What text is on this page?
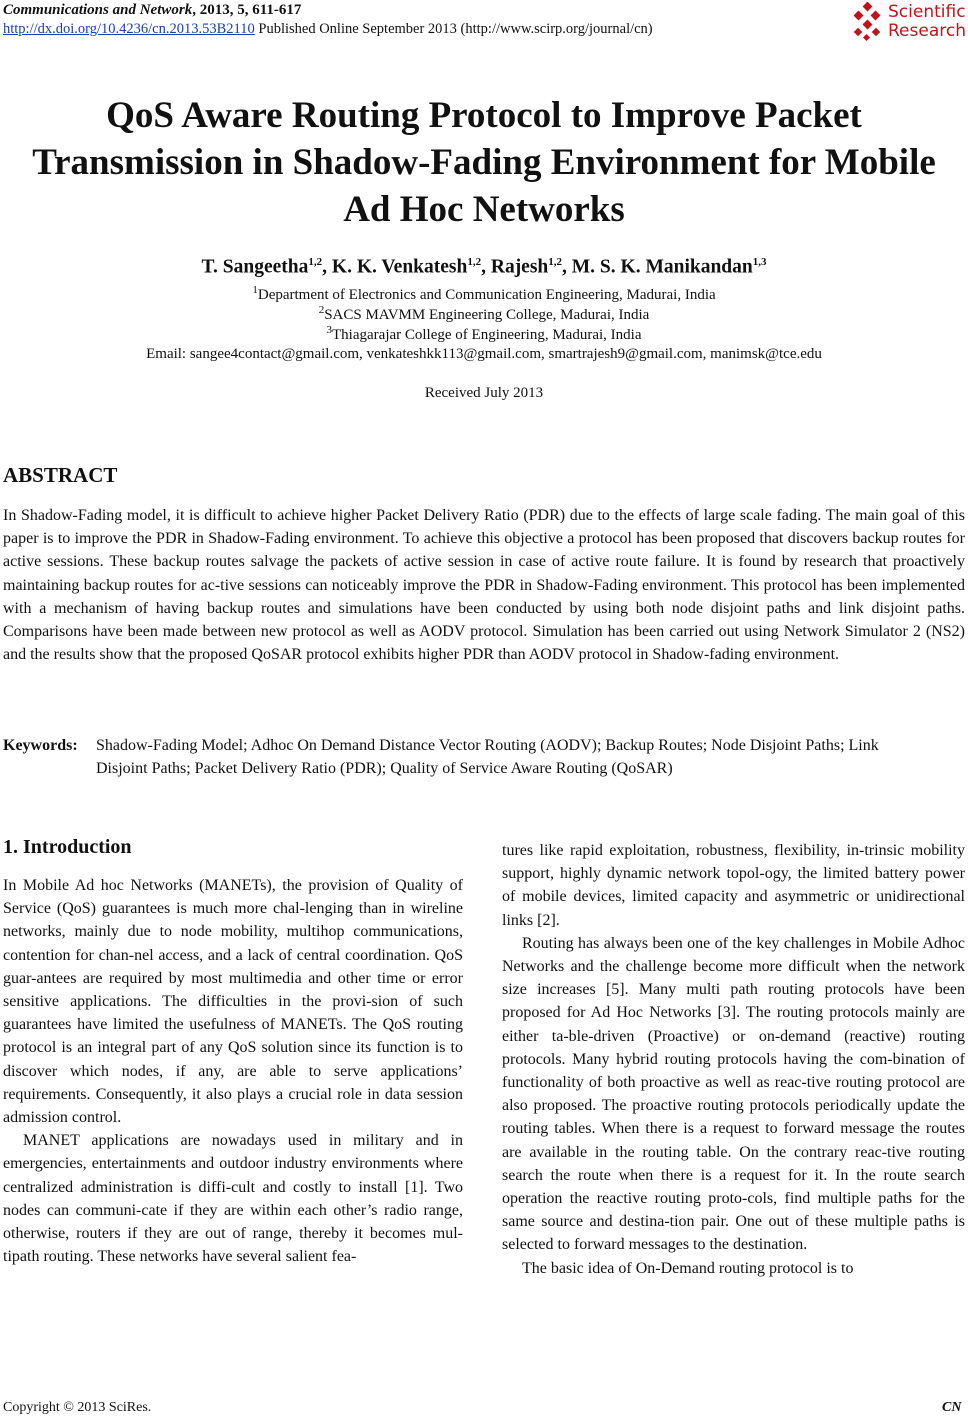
Communications and Network, 2013, 5, 611-617
http://dx.doi.org/10.4236/cn.2013.53B2110 Published Online September 2013 (http://www.scirp.org/journal/cn)
Scientific
Research
QoS Aware Routing Protocol to Improve Packet
Transmission in Shadow-Fading Environment for Mobile
Ad Hoc Networks
T. Sangeetha$^{1,2}$, K. K. Venkatesh$^{1,2}$, Rajesh$^{1,2}$, M. S. K. Manikandan$^{1,3}$
$^1$Department of Electronics and Communication Engineering, Madurai, India
$^2$SACS MAVMM Engineering College, Madurai, India
$^3$Thiagarajar College of Engineering, Madurai, India
Email: sangee4contact@gmail.com, venkateshkk113@gmail.com, smartrajesh9@gmail.com, manimsk@tce.edu
Received July 2013
ABSTRACT

In Shadow-Fading model, it is difficult to achieve higher Packet Delivery Ratio (PDR) due to the effects of large scale fading. The main goal of this paper is to improve the PDR in Shadow-Fading environment. To achieve this objective a protocol has been proposed that discovers backup routes for active sessions. These backup routes salvage the packets of active session in case of active route failure. It is found by research that proactively maintaining backup routes for ac-tive sessions can noticeably improve the PDR in Shadow-Fading environment. This protocol has been implemented with a mechanism of having backup routes and simulations have been conducted by using both node disjoint paths and link disjoint paths. Comparisons have been made between new protocol as well as AODV protocol. Simulation has been carried out using Network Simulator 2 (NS2) and the results show that the proposed QoSAR protocol exhibits higher PDR than AODV protocol in Shadow-fading environment.

Keywords: Shadow-Fading Model; Adhoc On Demand Distance Vector Routing (AODV); Backup Routes; Node Disjoint Paths; Link Disjoint Paths; Packet Delivery Ratio (PDR); Quality of Service Aware Routing (QoSAR)
1. Introduction

In Mobile Ad hoc Networks (MANETs), the provision of Quality of Service (QoS) guarantees is much more chal-lenging than in wireline networks, mainly due to node mobility, multihop communications, contention for chan-nel access, and a lack of central coordination. QoS guar-antees are required by most multimedia and other time or error sensitive applications. The difficulties in the provi-sion of such guarantees have limited the usefulness of MANETs. The QoS routing protocol is an integral part of any QoS solution since its function is to discover which nodes, if any, are able to serve applications’ requirements. Consequently, it also plays a crucial role in data session admission control.

MANET applications are nowadays used in military and in emergencies, entertainments and outdoor industry environments where centralized administration is diffi-cult and costly to install [1]. Two nodes can communi-cate if they are within each other’s radio range, otherwise, routers if they are out of range, thereby it becomes mul-tipath routing. These networks have several salient fea-

tures like rapid exploitation, robustness, flexibility, in-trinsic mobility support, highly dynamic network topol-ogy, the limited battery power of mobile devices, limited capacity and asymmetric or unidirectional links [2].

Routing has always been one of the key challenges in Mobile Adhoc Networks and the challenge become more difficult when the network size increases [5]. Many multi path routing protocols have been proposed for Ad Hoc Networks [3]. The routing protocols mainly are either ta-ble-driven (Proactive) or on-demand (reactive) routing protocols. Many hybrid routing protocols having the com-bination of functionality of both proactive as well as reac-tive routing protocol are also proposed. The proactive routing protocols periodically update the routing tables. When there is a request to forward message the routes are available in the routing table. On the contrary reac-tive routing search the route when there is a request for it. In the route search operation the reactive routing proto-cols, find multiple paths for the same source and destina-tion pair. One out of these multiple paths is selected to forward messages to the destination.

The basic idea of On-Demand routing protocol is to

Copyright © 2013 SciRes.	CN
